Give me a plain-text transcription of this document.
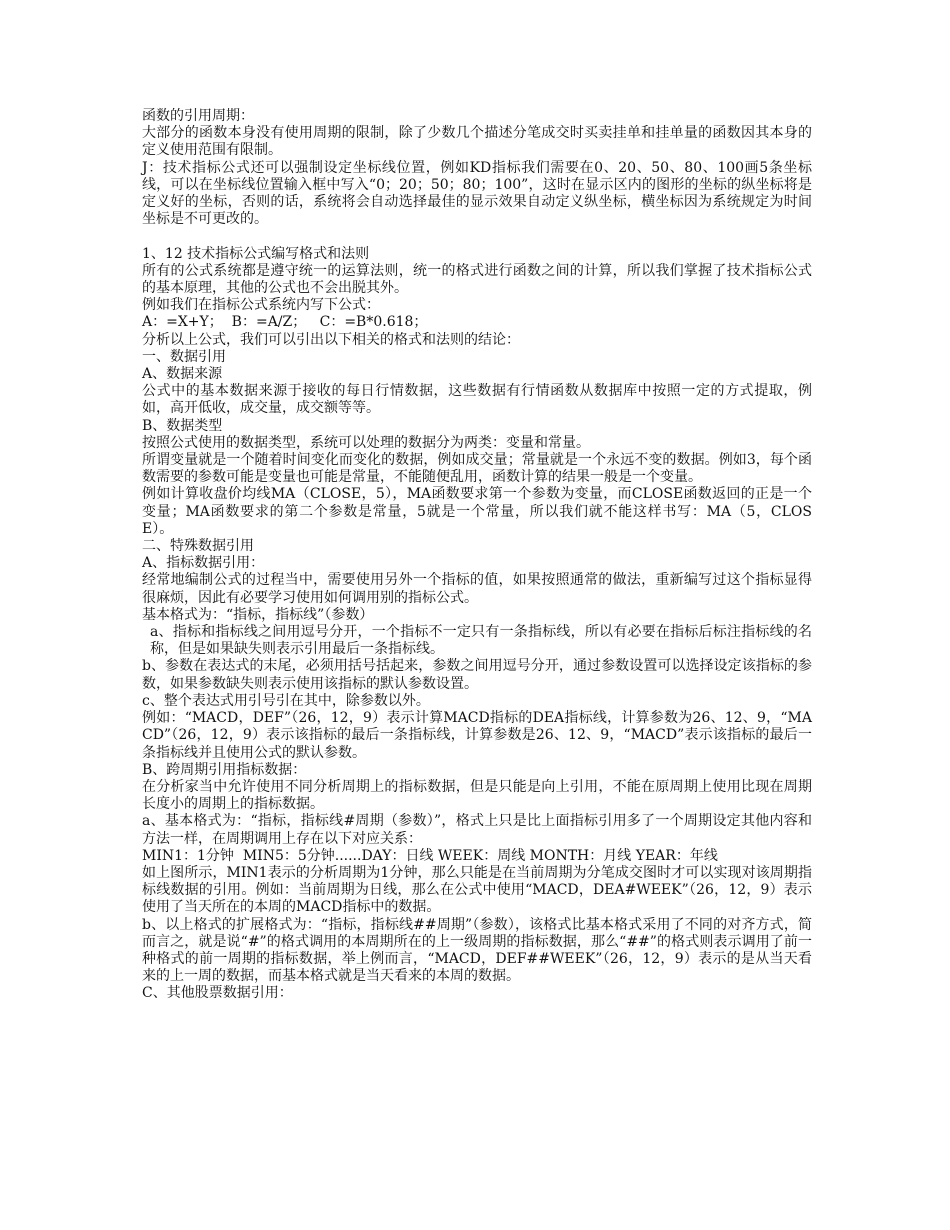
函数的引用周期：

大部分的函数本身没有使用周期的限制，除了少数几个描述分笔成交时买卖挂单和挂单量的函数因其本身的定义使用范围有限制。

J：技术指标公式还可以强制设定坐标线位置，例如KD指标我们需要在0、20、50、80、100画5条坐标线，可以在坐标线位置输入框中写入“0；20；50；80；100”，这时在显示区内的图形的坐标的纵坐标将是定义好的坐标，否则的话，系统将会自动选择最佳的显示效果自动定义纵坐标，横坐标因为系统规定为时间坐标是不可更改的。

1、12 技术指标公式编写格式和法则

所有的公式系统都是遵守统一的运算法则，统一的格式进行函数之间的计算，所以我们掌握了技术指标公式的基本原理，其他的公式也不会出脱其外。

例如我们在指标公式系统内写下公式：

A：=X+Y；  B：=A/Z；   C：=B*0.618；

分析以上公式，我们可以引出以下相关的格式和法则的结论：

一、数据引用

A、数据来源

公式中的基本数据来源于接收的每日行情数据，这些数据有行情函数从数据库中按照一定的方式提取，例如，高开低收，成交量，成交额等等。

B、数据类型

按照公式使用的数据类型，系统可以处理的数据分为两类：变量和常量。

所谓变量就是一个随着时间变化而变化的数据，例如成交量；常量就是一个永远不变的数据。例如3，每个函数需要的参数可能是变量也可能是常量，不能随便乱用，函数计算的结果一般是一个变量。

例如计算收盘价均线MA（CLOSE，5），MA函数要求第一个参数为变量，而CLOSE函数返回的正是一个变量；MA函数要求的第二个参数是常量，5就是一个常量，所以我们就不能这样书写：MA（5，CLOSE）。

二、特殊数据引用

A、指标数据引用：

经常地编制公式的过程当中，需要使用另外一个指标的值，如果按照通常的做法，重新编写过这个指标显得很麻烦，因此有必要学习使用如何调用别的指标公式。

基本格式为：“指标，指标线”（参数）

a、指标和指标线之间用逗号分开，一个指标不一定只有一条指标线，所以有必要在指标后标注指标线的名称，但是如果缺失则表示引用最后一条指标线。

b、参数在表达式的末尾，必须用括号括起来，参数之间用逗号分开，通过参数设置可以选择设定该指标的参数，如果参数缺失则表示使用该指标的默认参数设置。

c、整个表达式用引号引在其中，除参数以外。

例如：“MACD，DEF”（26，12，9）表示计算MACD指标的DEA指标线，计算参数为26、12、9，“MACD”（26，12，9）表示该指标的最后一条指标线，计算参数是26、12、9，“MACD”表示该指标的最后一条指标线并且使用公式的默认参数。

B、跨周期引用指标数据：

在分析家当中允许使用不同分析周期上的指标数据，但是只能是向上引用，不能在原周期上使用比现在周期长度小的周期上的指标数据。

a、基本格式为：“指标，指标线#周期（参数）”，格式上只是比上面指标引用多了一个周期设定其他内容和方法一样，在周期调用上存在以下对应关系：

MIN1：1分钟  MIN5：5分钟......DAY：日线 WEEK：周线 MONTH：月线 YEAR：年线

如上图所示，MIN1表示的分析周期为1分钟，那么只能是在当前周期为分笔成交图时才可以实现对该周期指标线数据的引用。例如：当前周期为日线，那么在公式中使用“MACD，DEA#WEEK”（26，12，9）表示使用了当天所在的本周的MACD指标中的数据。

b、以上格式的扩展格式为：“指标，指标线##周期”（参数），该格式比基本格式采用了不同的对齐方式，简而言之，就是说“#”的格式调用的本周期所在的上一级周期的指标数据，那么“##”的格式则表示调用了前一种格式的前一周期的指标数据，举上例而言，“MACD，DEF##WEEK”（26，12，9）表示的是从当天看来的上一周的数据，而基本格式就是当天看来的本周的数据。

C、其他股票数据引用：
